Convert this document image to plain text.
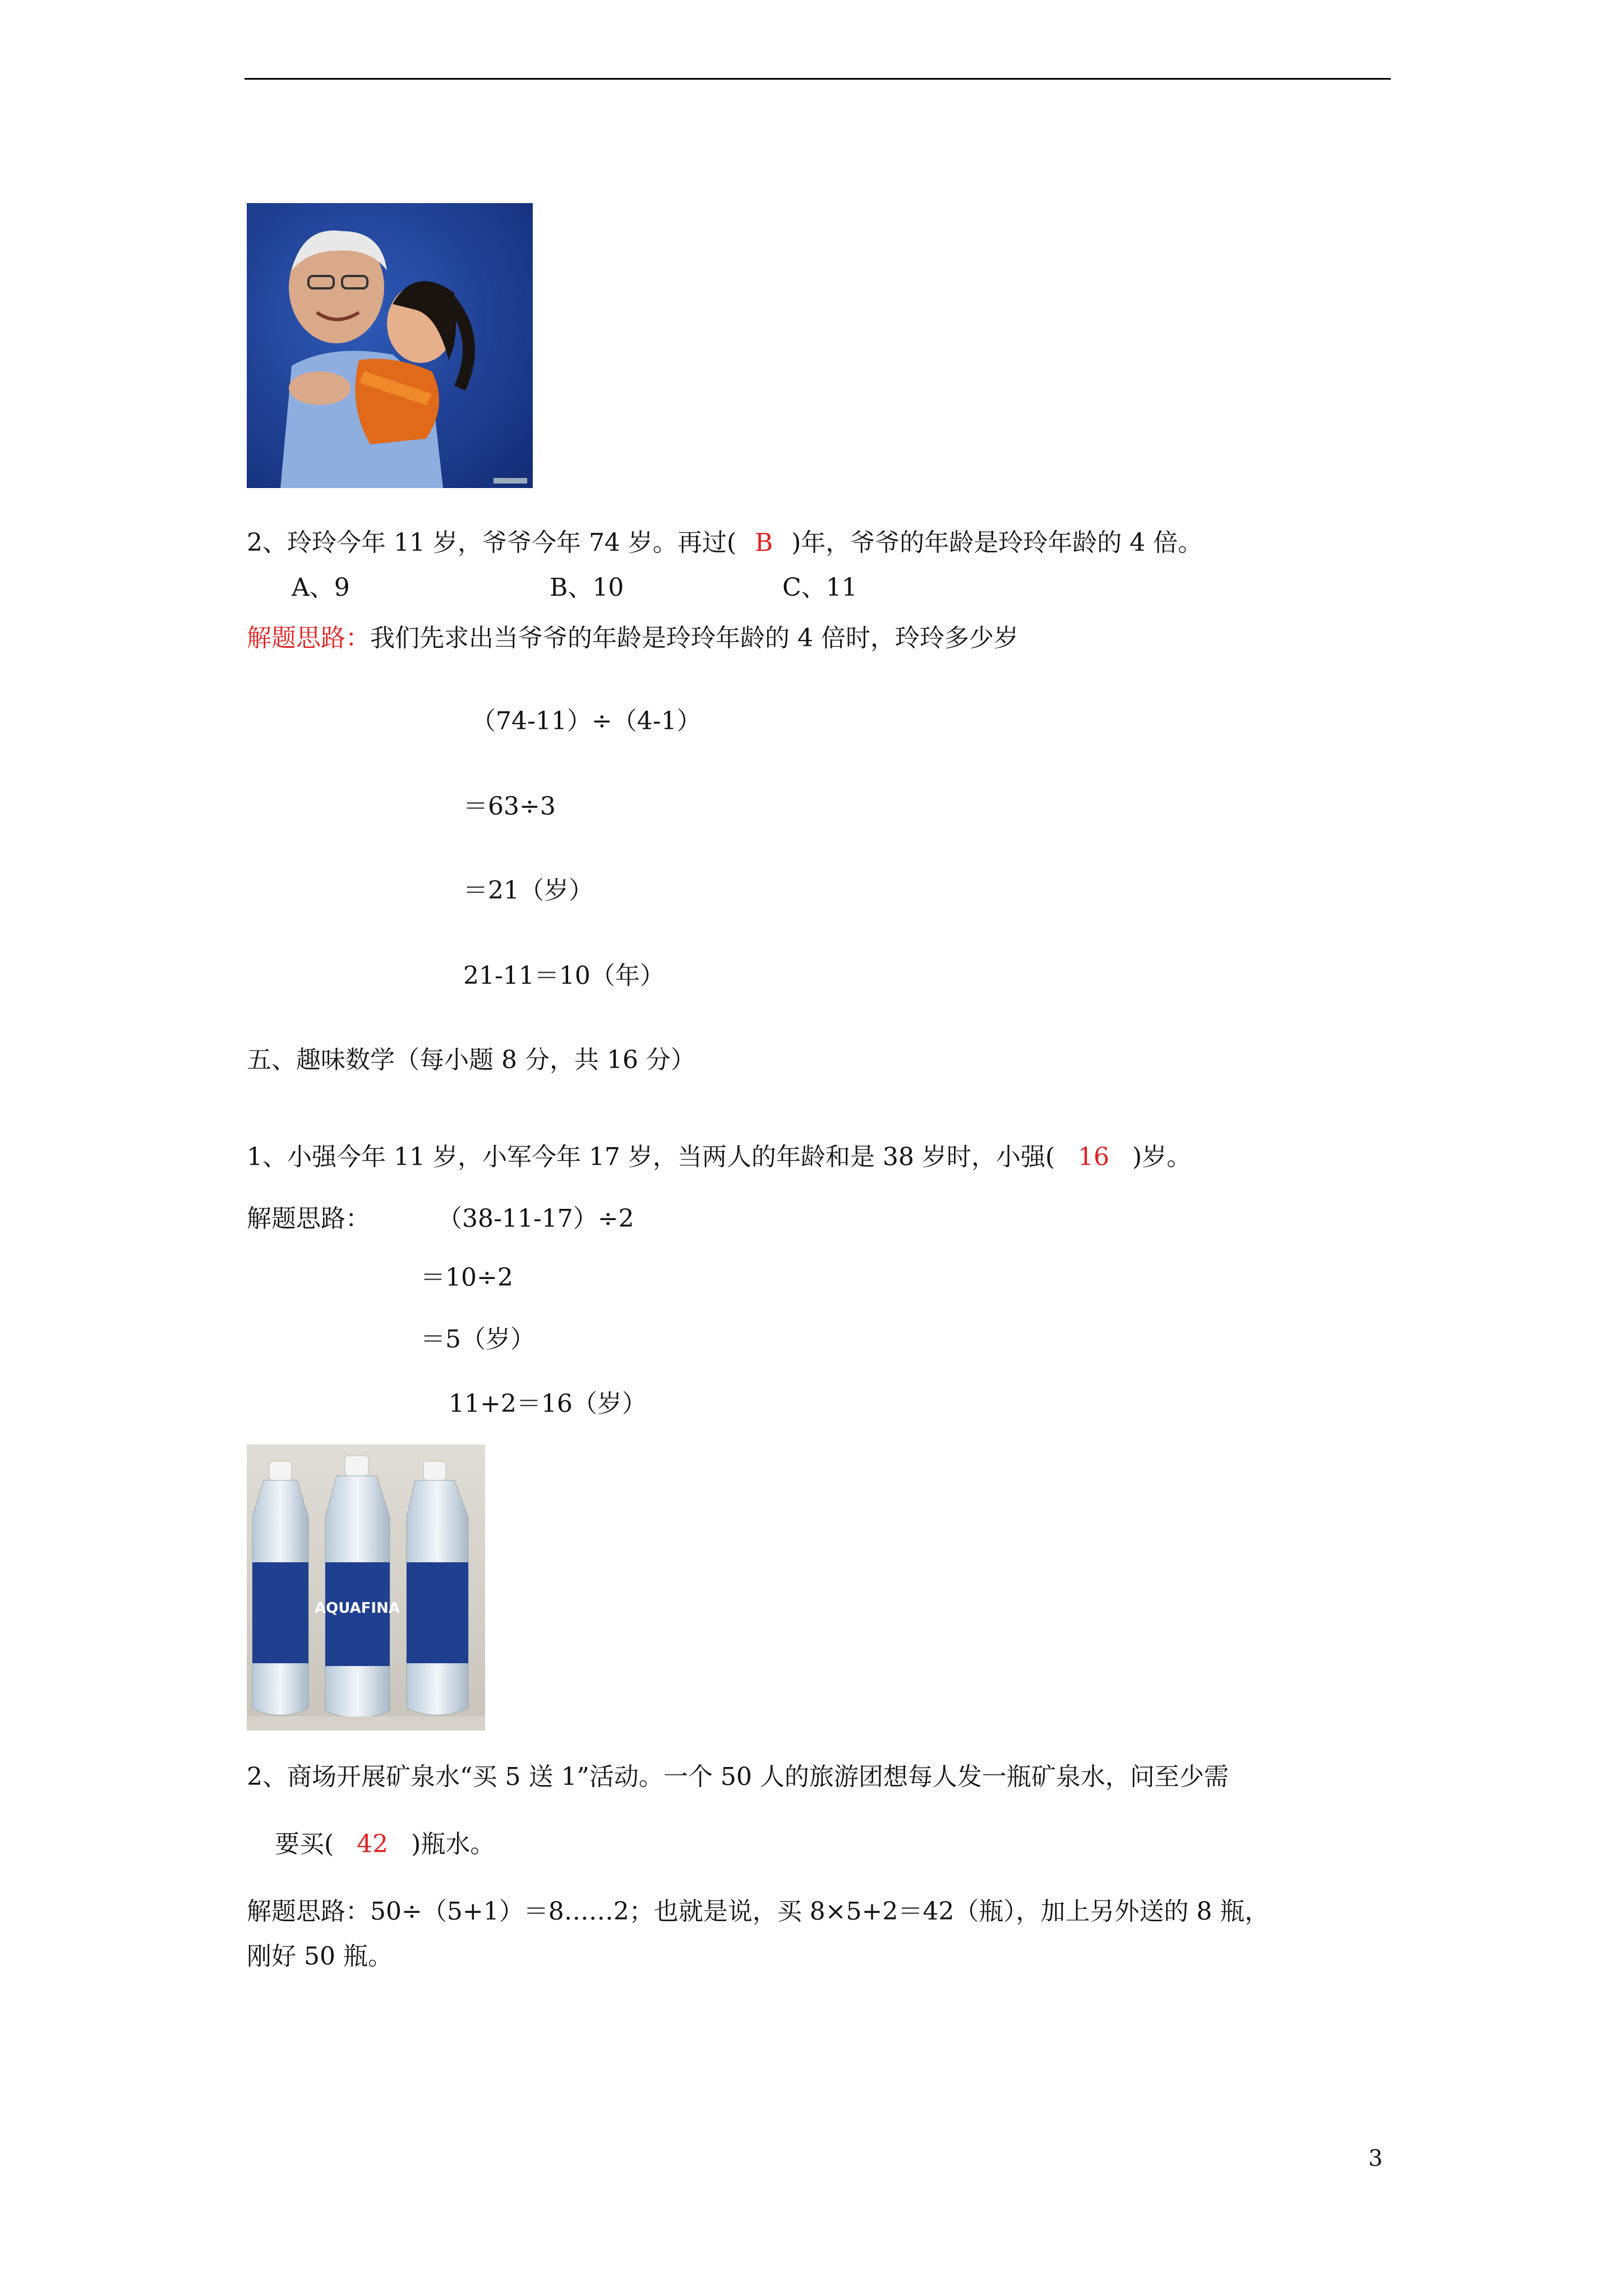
2、玲玲今年 11 岁，爷爷今年 74 岁。再过( B )年，爷爷的年龄是玲玲年龄的 4 倍。
A、9	B、10	C、11
解题思路：我们先求出当爷爷的年龄是玲玲年龄的 4 倍时，玲玲多少岁
（74-11）÷（4-1）
＝63÷3
＝21（岁）
21-11＝10（年）
五、趣味数学（每小题 8 分，共 16 分）
1、小强今年 11 岁，小军今年 17 岁，当两人的年龄和是 38 岁时，小强( 16 )岁。
解题思路：	（38-11-17）÷2
＝10÷2
＝5（岁）
11+2＝16（岁）
AQUAFINA
2、商场开展矿泉水“买 5 送 1”活动。一个 50 人的旅游团想每人发一瓶矿泉水，问至少需
要买( 42 )瓶水。
解题思路：50÷（5+1）＝8……2；也就是说，买 8×5+2＝42（瓶），加上另外送的 8 瓶，
刚好 50 瓶。
3
